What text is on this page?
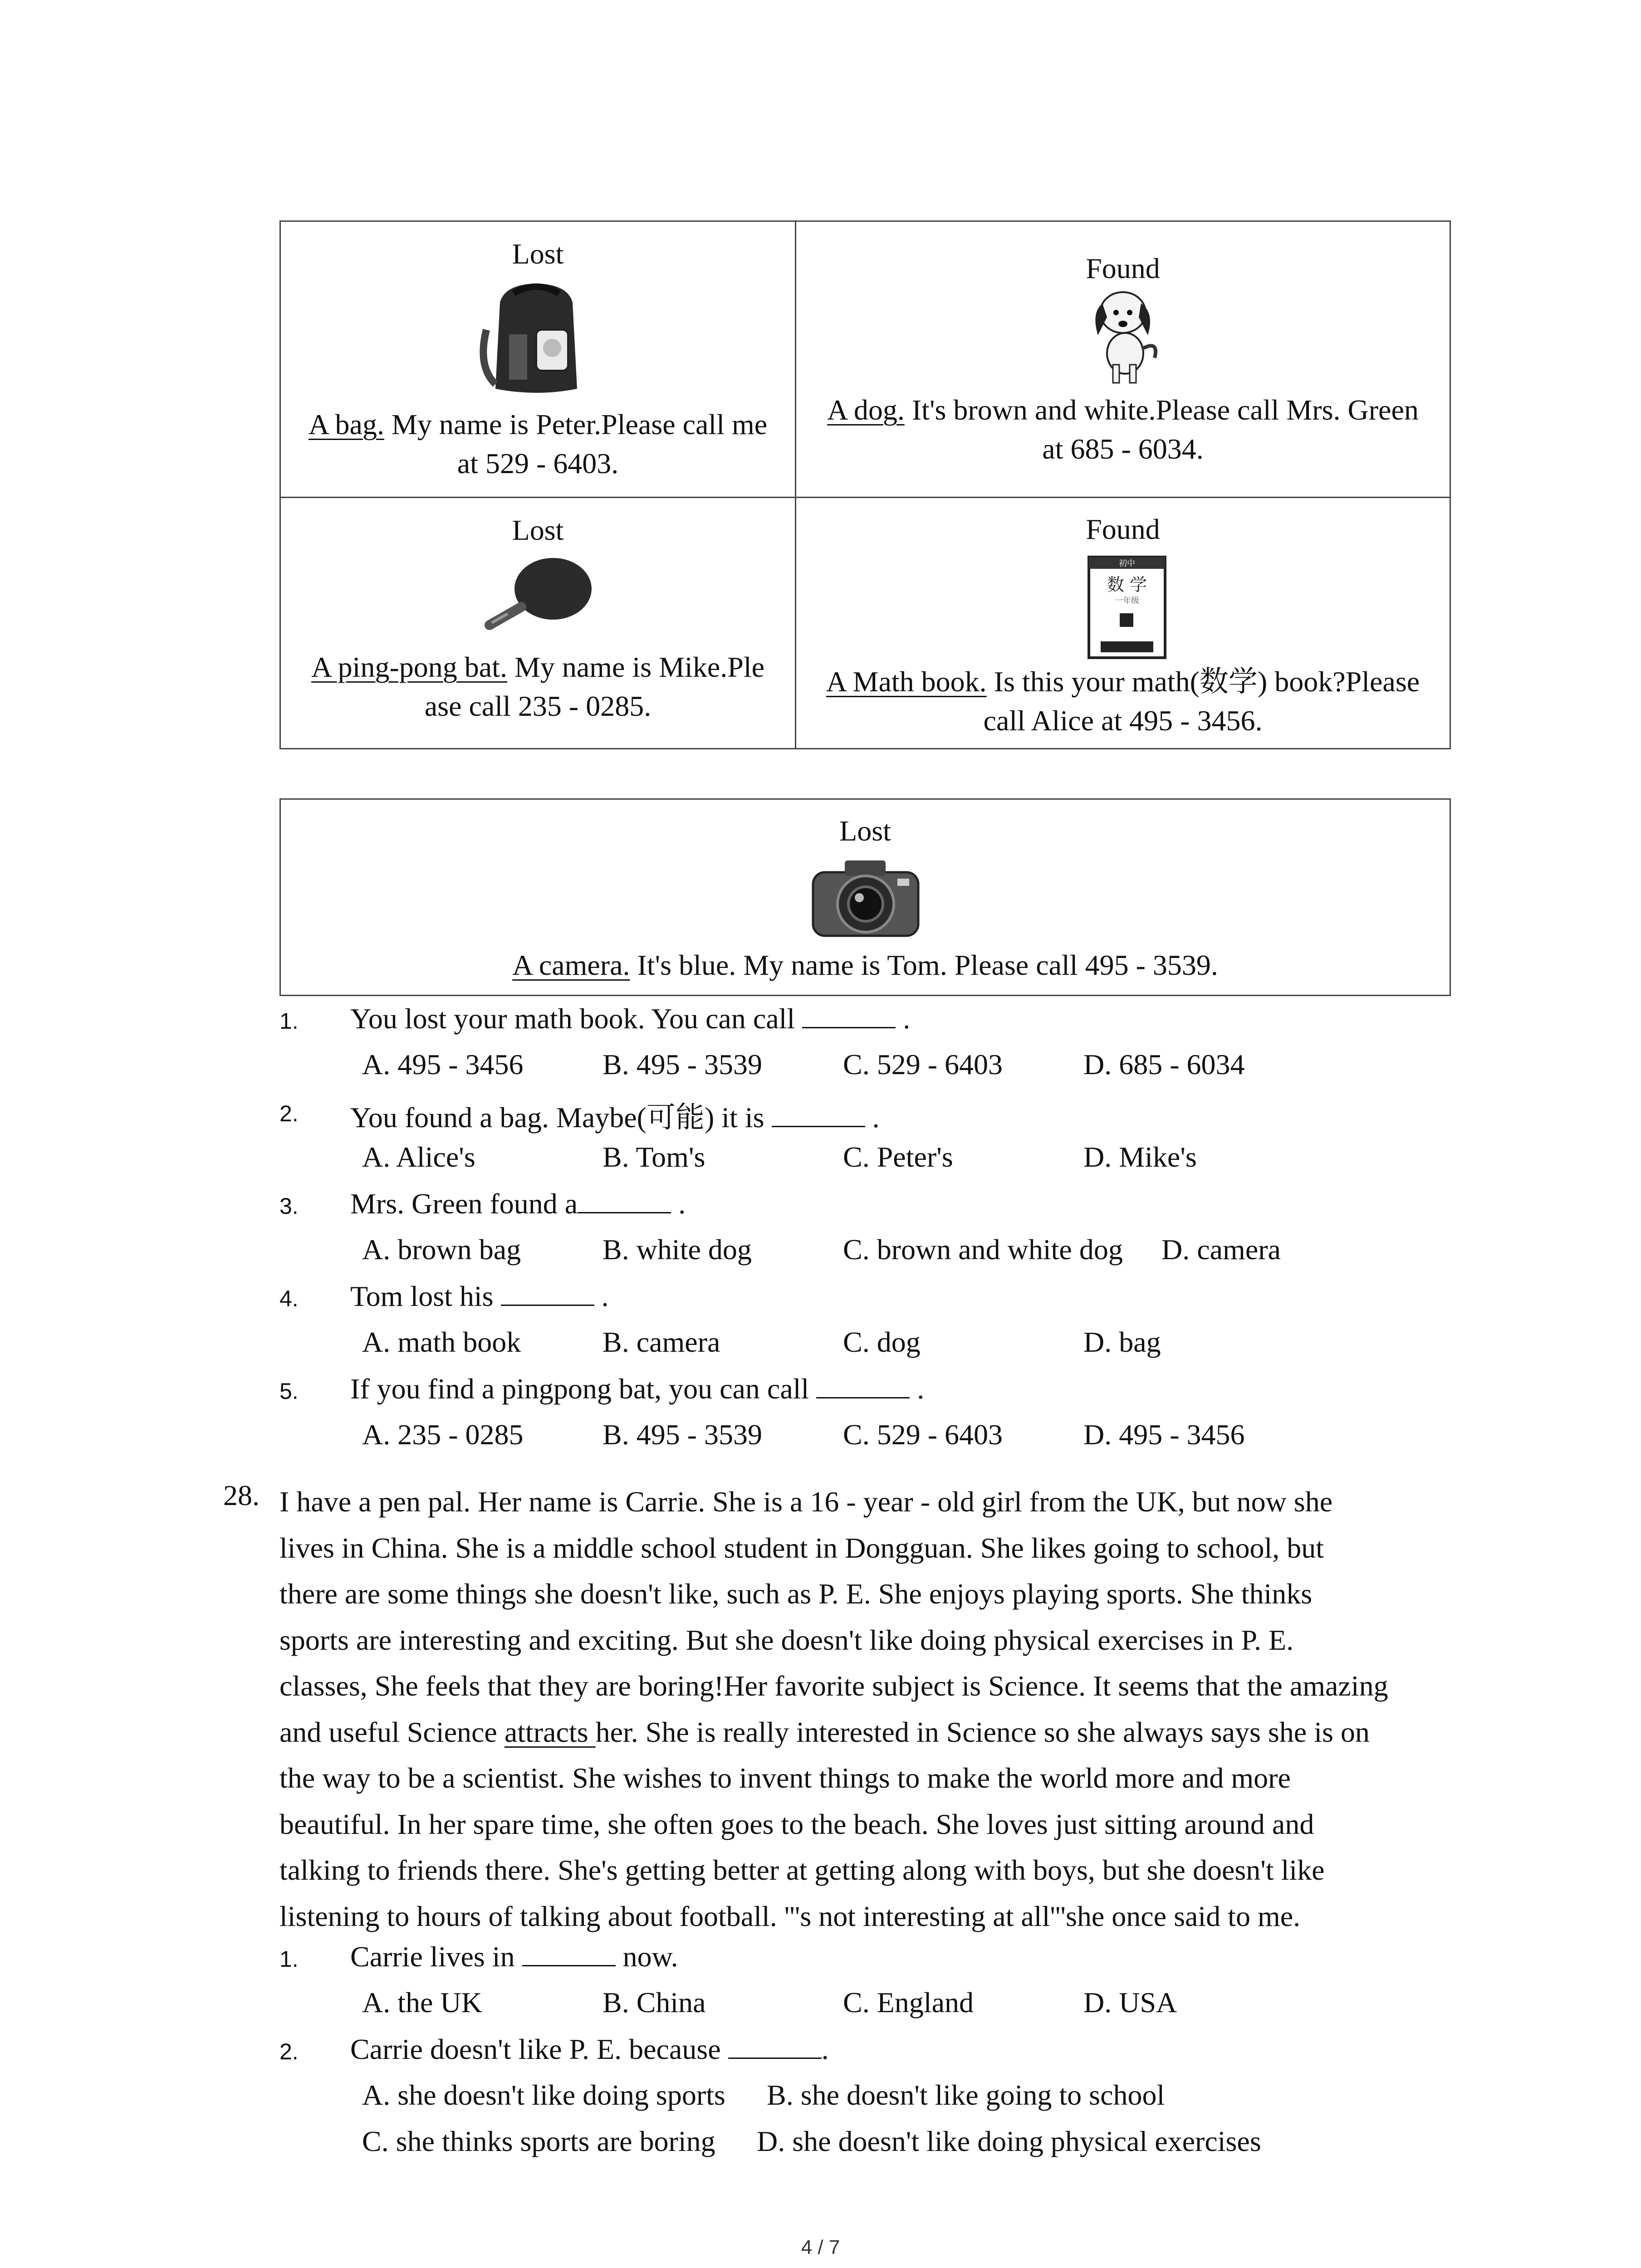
Lost
A bag. My name is Peter.Please call me
at 529 - 6403.
Found
A dog. It's brown and white.Please call Mrs. Green
at 685 - 6034.
Lost
A ping-pong bat. My name is Mike.Ple
ase call 235 - 0285.
Found
初中
数 学
一年级
A Math book. Is this your math(数学) book?Please
call Alice at 495 - 3456.
Lost
A camera. It's blue. My name is Tom. Please call 495 - 3539.
1. You lost your math book. You can call	.
A. 495 - 3456	B. 495 - 3539	C. 529 - 6403	D. 685 - 6034
2. You found a bag. Maybe(可能) it is	.
A. Alice's	B. Tom's	C. Peter's	D. Mike's
3. Mrs. Green found a	.
A. brown bag	B. white dog	C. brown and white dog D. camera
4. Tom lost his	.
A. math book	B. camera	C. dog	D. bag
5. If you find a pingpong bat, you can call	.
A. 235 - 0285	B. 495 - 3539	C. 529 - 6403	D. 495 - 3456
28. I have a pen pal. Her name is Carrie. She is a 16 - year - old girl from the UK, but now she
lives in China. She is a middle school student in Dongguan. She likes going to school, but
there are some things she doesn't like, such as P. E. She enjoys playing sports. She thinks
sports are interesting and exciting. But she doesn't like doing physical exercises in P. E.
classes, She feels that they are boring!Her favorite subject is Science. It seems that the amazing
and useful Science attracts her. She is really interested in Science so she always says she is on
the way to be a scientist. She wishes to invent things to make the world more and more
beautiful. In her spare time, she often goes to the beach. She loves just sitting around and
talking to friends there. She's getting better at getting along with boys, but she doesn't like
listening to hours of talking about football. '''s not interesting at all'''she once said to me.
1. Carrie lives in	now.
A. the UK	B. China	C. England	D. USA
2. Carrie doesn't like P. E. because	.
A. she doesn't like doing sports B. she doesn't like going to school
C. she thinks sports are boring D. she doesn't like doing physical exercises
4 / 7
